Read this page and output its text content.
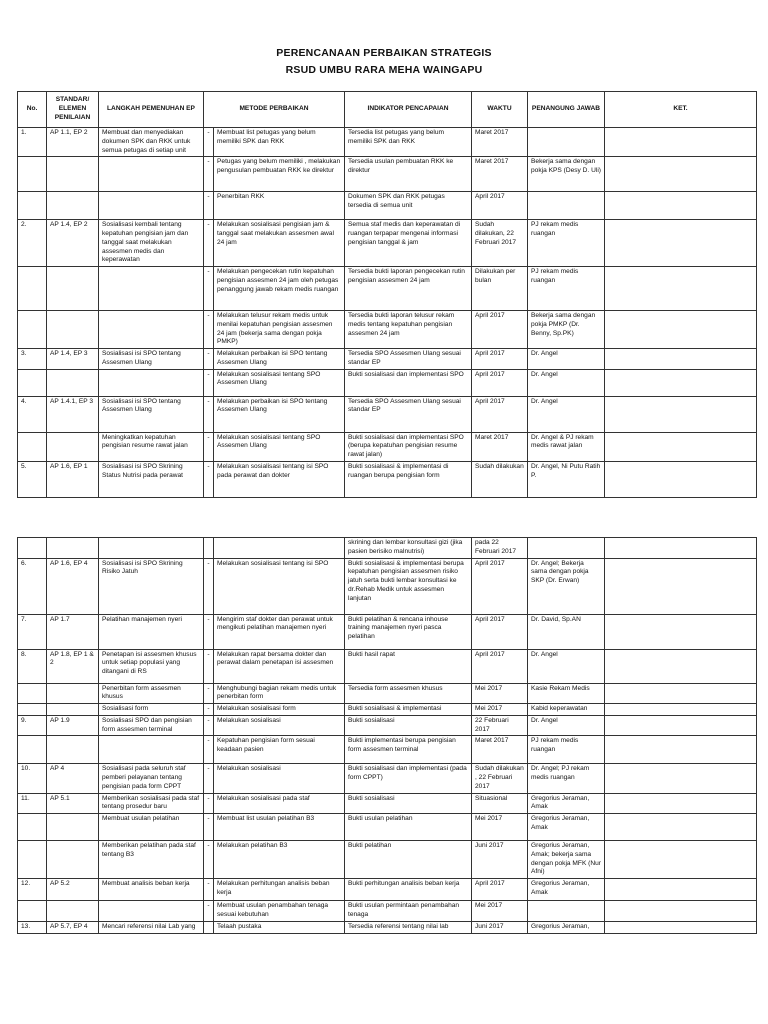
PERENCANAAN PERBAIKAN STRATEGIS
RSUD UMBU RARA MEHA WAINGAPU
No.	STANDAR/ ELEMEN PENILAIAN	LANGKAH PEMENUHAN EP	METODE PERBAIKAN		INDIKATOR PENCAPAIAN	WAKTU	PENANGUNG JAWAB	KET.
1.	AP 1.1, EP 2	Membuat dan menyediakan dokumen SPK dan RKK untuk semua petugas di setiap unit	-	Membuat list petugas yang belum memiliki SPK dan RKK	Tersedia list petugas yang belum memiliki SPK dan RKK	Maret 2017		
			-	Petugas yang belum memiliki , melakukan pengusulan pembuatan RKK ke direktur	Tersedia usulan pembuatan RKK ke direktur	Maret 2017	Bekerja sama dengan pokja KPS (Desy D. Uli)	
			-	Penerbitan RKK	Dokumen SPK dan RKK petugas tersedia di semua unit	April 2017		
2.	AP 1.4, EP 2	Sosialisasi kembali tentang kepatuhan pengisian jam dan tanggal saat melakukan assesmen medis dan keperawatan	-	Melakukan sosialisasi pengisian jam & tanggal saat melakukan assesmen awal 24 jam	Semua staf medis dan keperawatan di ruangan terpapar mengenai informasi pengisian tanggal & jam	Sudah dilakukan, 22 Februari 2017	PJ rekam medis ruangan	
			-	Melakukan pengecekan rutin kepatuhan pengisian assesmen 24 jam oleh petugas penanggung jawab rekam medis ruangan	Tersedia bukti laporan pengecekan rutin pengisian assesmen 24 jam	Dilakukan per bulan	PJ rekam medis ruangan	
			-	Melakukan telusur rekam medis untuk menilai kepatuhan pengisian assesmen 24 jam (bekerja sama dengan pokja PMKP)	Tersedia bukti laporan telusur rekam medis tentang kepatuhan pengisian assesmen 24 jam	April 2017	Bekerja sama dengan pokja PMKP (Dr. Benny, Sp.PK)	
3.	AP 1.4, EP 3	Sosialisasi isi SPO tentang Assesmen Ulang	-	Melakukan perbaikan isi SPO tentang Assesmen Ulang	Tersedia SPO Assesmen Ulang sesuai standar EP	April 2017	Dr. Angel	
			-	Melakukan sosialisasi tentang SPO Assesmen Ulang	Bukti sosialisasi dan implementasi SPO	April 2017	Dr. Angel	
4.	AP 1.4.1, EP 3	Sosialisasi isi SPO tentang Assesmen Ulang	-	Melakukan perbaikan isi SPO tentang Assesmen Ulang	Tersedia SPO Assesmen Ulang sesuai standar EP	April 2017	Dr. Angel	
		Meningkatkan kepatuhan pengisian resume rawat jalan	-	Melakukan sosialisasi tentang SPO Assesmen Ulang	Bukti sosialisasi dan implementasi SPO (berupa kepatuhan pengisian resume rawat jalan)	Maret 2017	Dr. Angel & PJ rekam medis rawat jalan	
5.	AP 1.6, EP 1	Sosialisasi isi SPO Skrining Status Nutrisi pada perawat	-	Melakukan sosialisasi tentang isi SPO pada perawat dan dokter	Bukti sosialisasi & implementasi di ruangan berupa pengisian form	Sudah dilakukan	Dr. Angel, Ni Putu Ratih P.	
					skrining dan lembar konsultasi gizi (jika pasien berisiko malnutrisi)	pada 22 Februari 2017		
6.	AP 1.6, EP 4	Sosialisasi isi SPO Skrining Risiko Jatuh	-	Melakukan sosialisasi tentang isi SPO	Bukti sosialisasi & implementasi berupa kepatuhan pengisian assesmen risiko jatuh serta bukti lembar konsultasi ke dr.Rehab Medik untuk assesmen lanjutan	April 2017	Dr. Angel; Bekerja sama dengan pokja SKP (Dr. Erwan)	
7.	AP 1.7	Pelatihan manajemen nyeri	-	Mengirim staf dokter dan perawat untuk mengikuti pelatihan manajemen nyeri	Bukti pelatihan & rencana inhouse training manajemen nyeri pasca pelatihan	April 2017	Dr. David, Sp.AN	
8.	AP 1.8, EP 1 & 2	Penetapan isi assesmen khusus untuk setiap populasi yang ditangani di RS	-	Melakukan rapat bersama dokter dan perawat dalam penetapan isi assesmen	Bukti hasil rapat	April 2017	Dr. Angel	
		Penerbitan form assesmen khusus	-	Menghubungi bagian rekam medis untuk penerbitan form	Tersedia form assesmen khusus	Mei 2017	Kasie Rekam Medis	
		Sosialisasi form	-	Melakukan sosialisasi form	Bukti sosialisasi & implementasi	Mei 2017	Kabid keperawatan	
9.	AP 1.9	Sosialisasi SPO dan pengisian form assesmen terminal	-	Melakukan sosialisasi	Bukti sosialisasi	22 Februari 2017	Dr. Angel	
			-	Kepatuhan pengisian form sesuai keadaan pasien	Bukti implementasi berupa pengisian form assesmen terminal	Maret 2017	PJ rekam medis ruangan	
10.	AP 4	Sosialisasi pada seluruh staf pemberi pelayanan tentang pengisian pada form CPPT	-	Melakukan sosialisasi	Bukti sosialisasi dan implementasi (pada form CPPT)	Sudah dilakukan , 22 Februari 2017	Dr. Angel; PJ rekam medis ruangan	
11.	AP 5.1	Memberikan sosialisasi pada staf tentang prosedur baru	-	Melakukan sosialisasi pada staf	Bukti sosialisasi	Situasional	Gregorius Jeraman, Amak	
		Membuat usulan pelatihan	-	Membuat list usulan pelatihan B3	Bukti usulan pelatihan	Mei 2017	Gregorius Jeraman, Amak	
		Memberikan pelatihan pada staf tentang B3	-	Melakukan pelatihan B3	Bukti pelatihan	Juni 2017	Gregorius Jeraman, Amak; bekerja sama dengan pokja MFK (Nur Afni)	
12.	AP 5.2	Membuat analisis beban kerja	-	Melakukan perhitungan analisis beban kerja	Bukti perhitungan analisis beban kerja	April 2017	Gregorius Jeraman, Amak	
			-	Membuat usulan penambahan tenaga sesuai kebutuhan	Bukti usulan permintaan penambahan tenaga	Mei 2017		
13.	AP 5.7, EP 4	Mencari referensi nilai Lab yang		Telaah pustaka	Tersedia referensi tentang nilai lab	Juni 2017	Gregorius Jeraman,	
